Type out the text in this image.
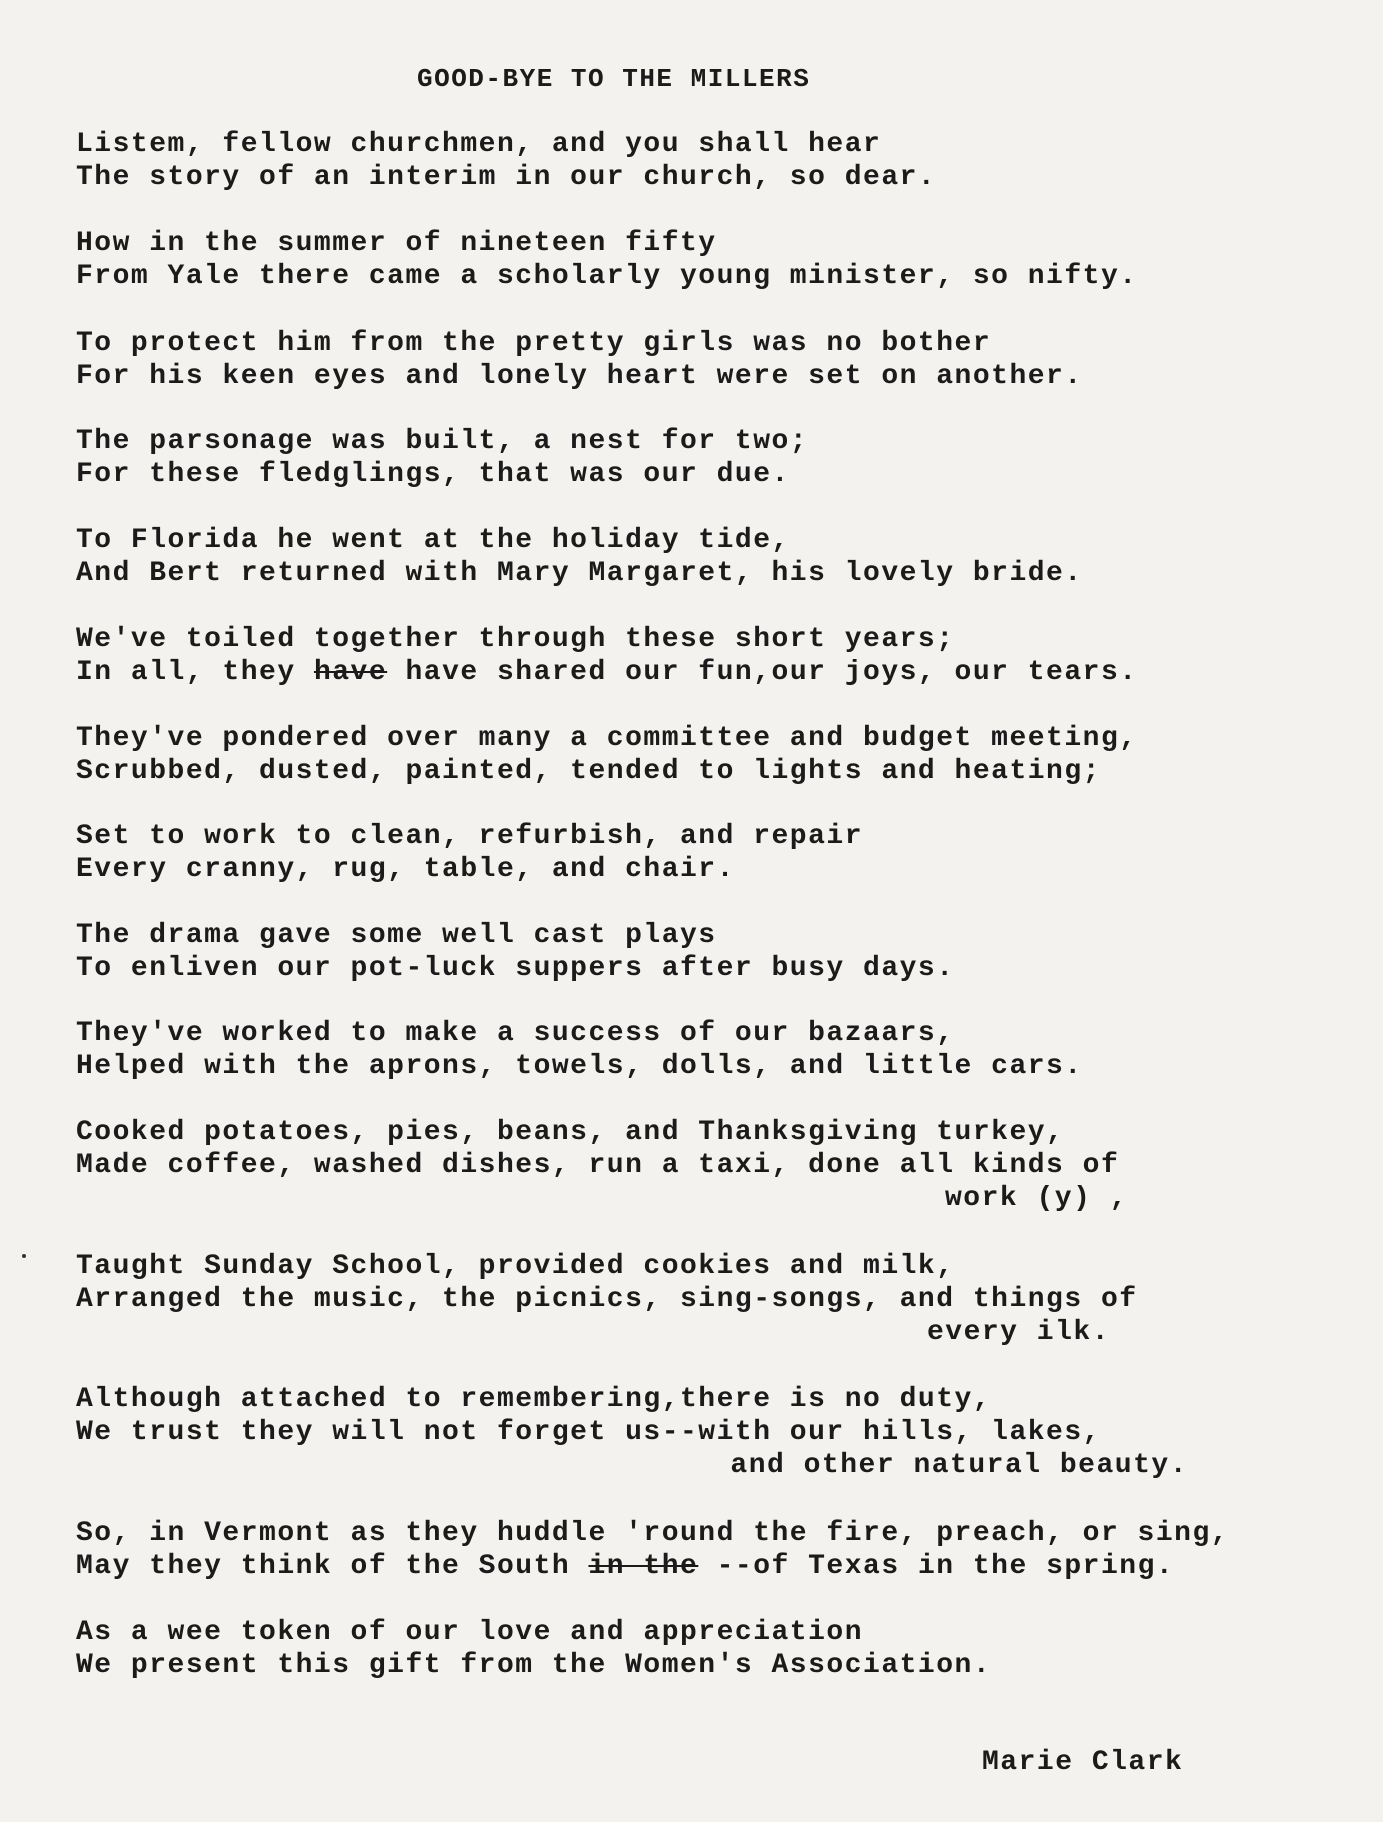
GOOD-BYE TO THE MILLERS
Listem, fellow churchmen, and you shall hear
The story of an interim in our church, so dear.
How in the summer of nineteen fifty
From Yale there came a scholarly young minister, so nifty.
To protect him from the pretty girls was no bother
For his keen eyes and lonely heart were set on another.
The parsonage was built, a nest for two;
For these fledglings, that was our due.
To Florida he went at the holiday tide,
And Bert returned with Mary Margaret, his lovely bride.
We've toiled together through these short years;
In all, they have have shared our fun,our joys, our tears.
They've pondered over many a committee and budget meeting,
Scrubbed, dusted, painted, tended to lights and heating;
Set to work to clean, refurbish, and repair
Every cranny, rug, table, and chair.
The drama gave some well cast plays
To enliven our pot-luck suppers after busy days.
They've worked to make a success of our bazaars,
Helped with the aprons, towels, dolls, and little cars.
Cooked potatoes, pies, beans, and Thanksgiving turkey,
Made coffee, washed dishes, run a taxi, done all kinds of
work (y) ,
Taught Sunday School, provided cookies and milk,
Arranged the music, the picnics, sing-songs, and things of
every ilk.
Although attached to remembering,there is no duty,
We trust they will not forget us--with our hills, lakes,
and other natural beauty.
So, in Vermont as they huddle 'round the fire, preach, or sing,
May they think of the South in the --of Texas in the spring.
As a wee token of our love and appreciation
We present this gift from the Women's Association.
Marie Clark
